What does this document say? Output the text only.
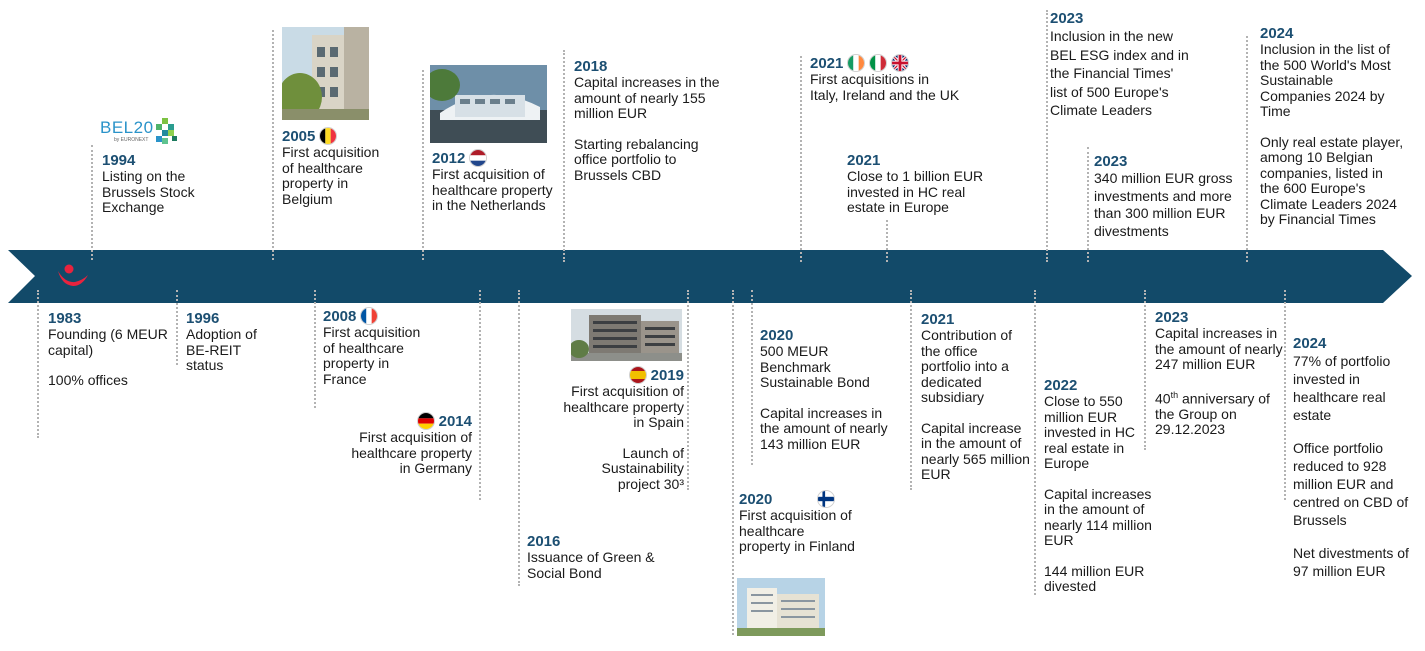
BEL20
by EURONEXT
1994

Listing on the Brussels Stock Exchange

2005

First acquisition of healthcare property in Belgium

2012

First acquisition of healthcare property in the Netherlands

2018

Capital increases in the amount of nearly 155 million EUR

Starting rebalancing office portfolio to Brussels CBD

2021

First acquisitions in Italy, Ireland and the UK

2021

Close to 1 billion EUR invested in HC real estate in Europe

2023

Inclusion in the new BEL ESG index and in the Financial Times' list of 500 Europe's Climate Leaders

2023

340 million EUR gross investments and more than 300 million EUR divestments

2024

Inclusion in the list of the 500 World's Most Sustainable Companies 2024 by Time

Only real estate player, among 10 Belgian companies, listed in the 600 Europe's Climate Leaders 2024 by Financial Times

1983

Founding (6 MEUR capital)

100% offices

1996

Adoption of BE-REIT status

2008

First acquisition of healthcare property in France

2014

First acquisition of healthcare property in Germany

2016

Issuance of Green & Social Bond

2019

First acquisition of healthcare property in Spain

Launch of Sustainability project 30³

2020

500 MEUR Benchmark Sustainable Bond

Capital increases in the amount of nearly 143 million EUR

2020

First acquisition of healthcare property in Finland

2021

Contribution of the office portfolio into a dedicated subsidiary

Capital increase in the amount of nearly 565 million EUR

2022

Close to 550 million EUR invested in HC real estate in Europe

Capital increases in the amount of nearly 114 million EUR

144 million EUR divested

2023

Capital increases in the amount of nearly 247 million EUR

40th anniversary of the Group on 29.12.2023

2024

77% of portfolio invested in healthcare real estate

Office portfolio reduced to 928 million EUR and centred on CBD of Brussels

Net divestments of 97 million EUR
